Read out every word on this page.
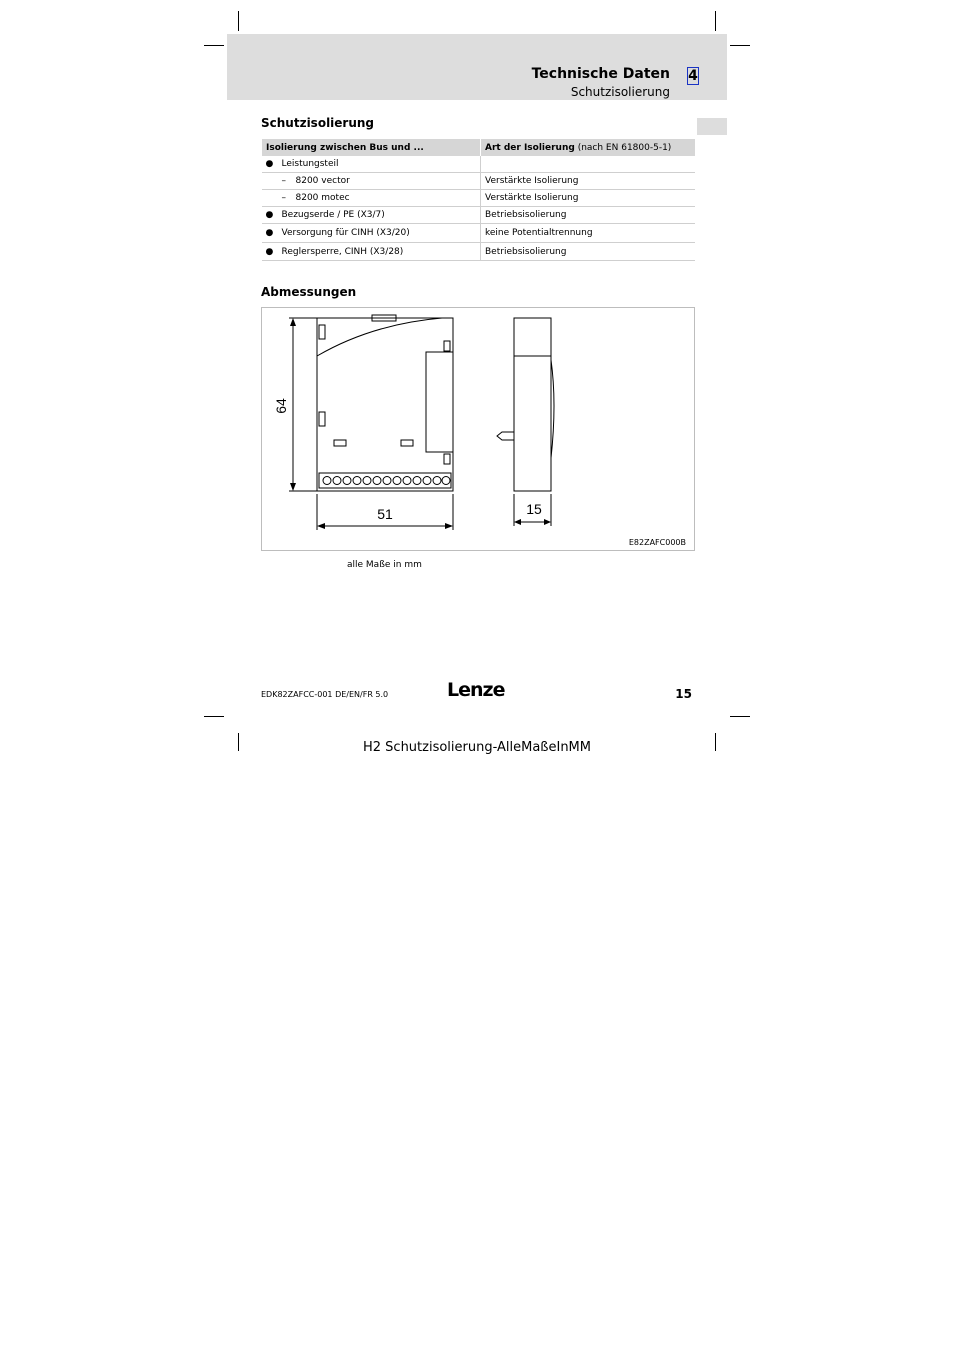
Technische Daten
Schutzisolierung
4
Schutzisolierung
Isolierung zwischen Bus und ...	Art der Isolierung (nach EN 61800-5-1)
● Leistungsteil	
– 8200 vector	Verstärkte Isolierung
– 8200 motec	Verstärkte Isolierung
● Bezugserde / PE (X3/7)	Betriebsisolierung
● Versorgung für CINH (X3/20)	keine Potentialtrennung
● Reglersperre, CINH (X3/28)	Betriebsisolierung
Abmessungen
64
51	15
E82ZAFC000B
alle Maße in mm
EDK82ZAFCC-001 DE/EN/FR 5.0	Lenze	15
H2 Schutzisolierung-AlleMaßeInMM
